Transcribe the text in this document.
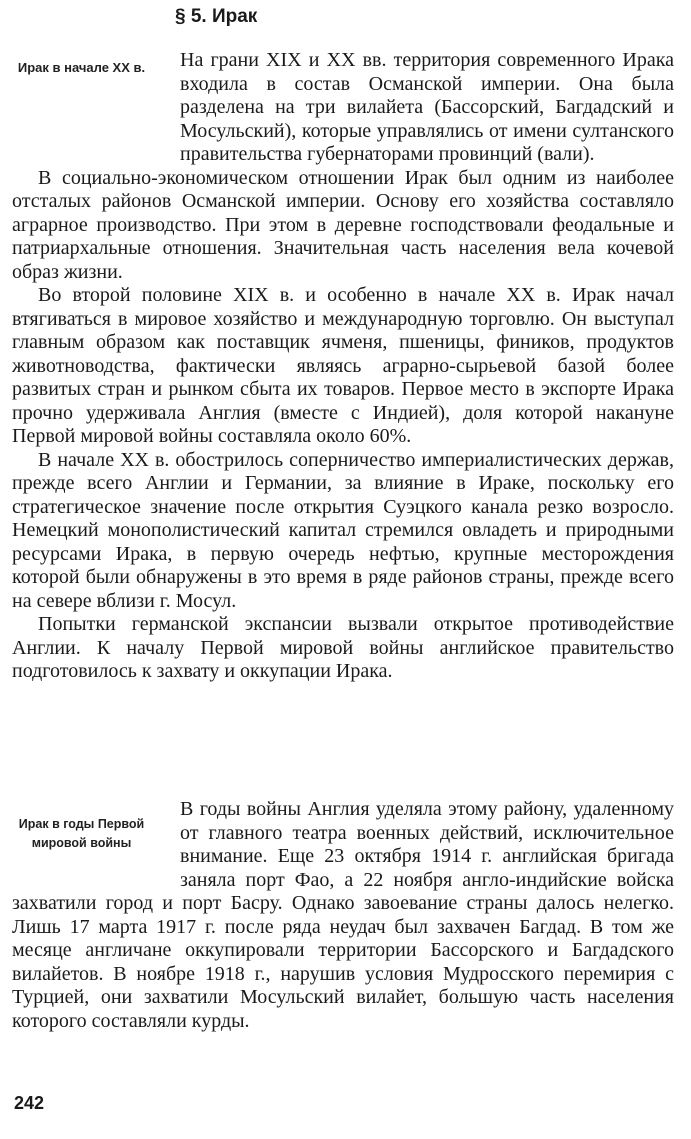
§ 5. Ирак
Ирак в начале XX в.	На грани XIX и XX вв. территория современного Ирака входила в состав Османской империи. Она была разделена на три вилайета (Бассорский, Багдадский и Мосульский), которые управлялись от имени султанского правительства губернаторами провинций (вали).

В социально-экономическом отношении Ирак был одним из наиболее отсталых районов Османской империи. Основу его хозяйства составляло аграрное производство. При этом в деревне господствовали феодальные и патриархальные отношения. Значительная часть населения вела кочевой образ жизни.

Во второй половине XIX в. и особенно в начале XX в. Ирак начал втягиваться в мировое хозяйство и международную торговлю. Он выступал главным образом как поставщик ячменя, пшеницы, фиников, продуктов животноводства, фактически являясь аграрно-сырьевой базой более развитых стран и рынком сбыта их товаров. Первое место в экспорте Ирака прочно удерживала Англия (вместе с Индией), доля которой накануне Первой мировой войны составляла около 60%.

В начале XX в. обострилось соперничество империалистических держав, прежде всего Англии и Германии, за влияние в Ираке, поскольку его стратегическое значение после открытия Суэцкого канала резко возросло. Немецкий монополистический капитал стремился овладеть и природными ресурсами Ирака, в первую очередь нефтью, крупные месторождения которой были обнаружены в это время в ряде районов страны, прежде всего на севере вблизи г. Мосул.

Попытки германской экспансии вызвали открытое противодействие Англии. К началу Первой мировой войны английское правительство подготовилось к захвату и оккупации Ирака.

Ирак в годы Первой мировой войны

В годы войны Англия уделяла этому району, удаленному от главного театра военных действий, исключительное внимание. Еще 23 октября 1914 г. английская бригада заняла порт Фао, а 22 ноября англо-индийские войска захватили город и порт Басру. Однако завоевание страны далось нелегко. Лишь 17 марта 1917 г. после ряда неудач был захвачен Багдад. В том же месяце англичане оккупировали территории Бассорского и Багдадского вилайетов. В ноябре 1918 г., нарушив условия Мудросского перемирия с Турцией, они захватили Мосульский вилайет, большую часть населения которого составляли курды.

242
